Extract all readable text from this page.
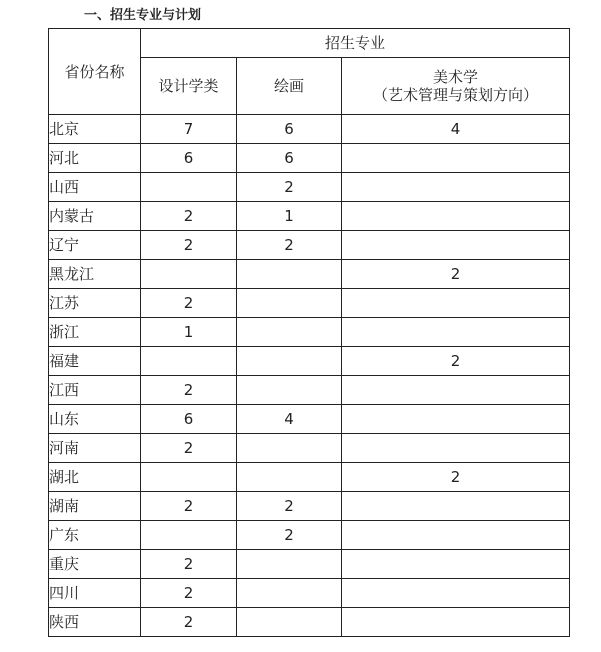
一、招生专业与计划
省份名称	招生专业		
	设计学类	绘画	美术学
（艺术管理与策划方向）

北京	7	6	4
河北	6	6	
山西		2	
内蒙古	2	1	
辽宁	2	2	
黑龙江			2
江苏	2		
浙江	1		
福建			2
江西	2		
山东	6	4	
河南	2		
湖北			2
湖南	2	2	
广东		2	
重庆	2		
四川	2		
陕西	2		
